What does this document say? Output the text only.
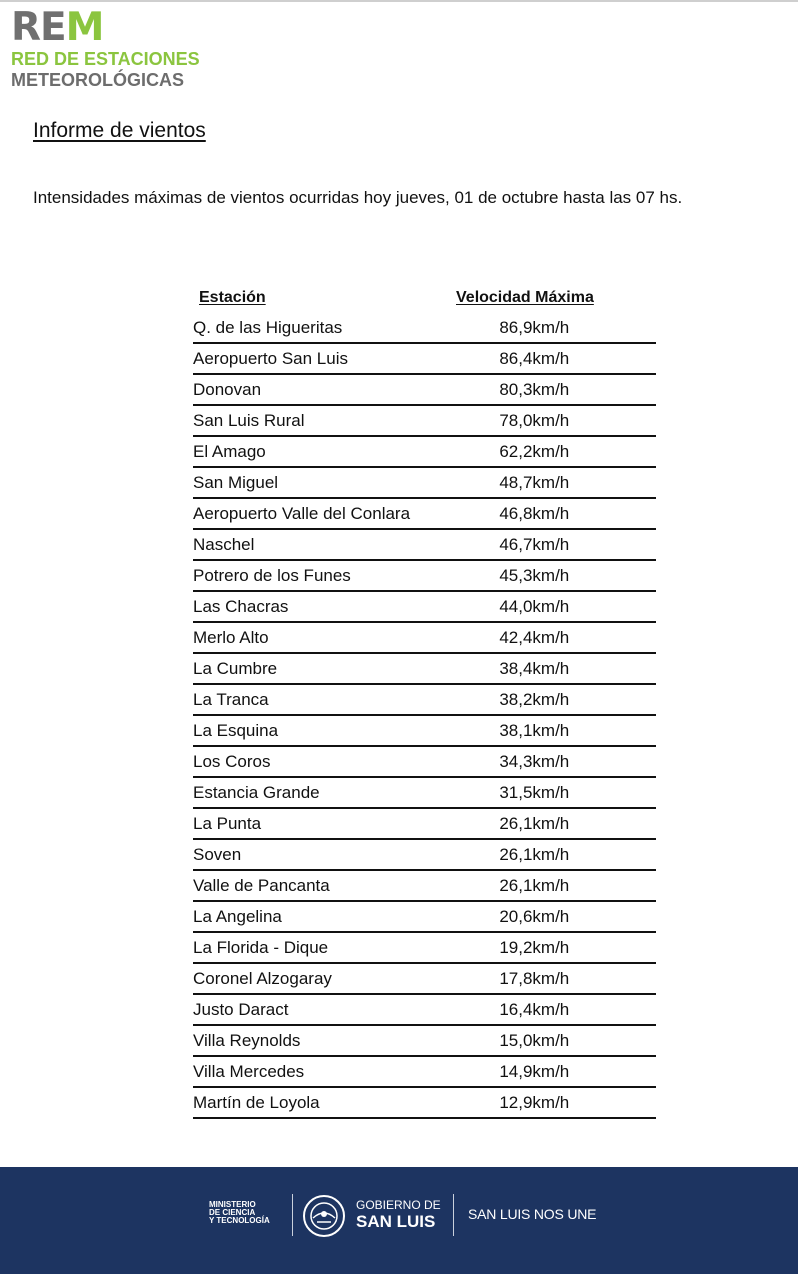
REM
RED DE ESTACIONES
METEOROLÓGICAS
Informe de vientos
Intensidades máximas de vientos ocurridas hoy jueves, 01 de octubre hasta las 07 hs.
Estación	Velocidad Máxima	
Q. de las Higueritas	86,9	km/h
Aeropuerto San Luis	86,4	km/h
Donovan	80,3	km/h
San Luis Rural	78,0	km/h
El Amago	62,2	km/h
San Miguel	48,7	km/h
Aeropuerto Valle del Conlara	46,8	km/h
Naschel	46,7	km/h
Potrero de los Funes	45,3	km/h
Las Chacras	44,0	km/h
Merlo Alto	42,4	km/h
La Cumbre	38,4	km/h
La Tranca	38,2	km/h
La Esquina	38,1	km/h
Los Coros	34,3	km/h
Estancia Grande	31,5	km/h
La Punta	26,1	km/h
Soven	26,1	km/h
Valle de Pancanta	26,1	km/h
La Angelina	20,6	km/h
La Florida - Dique	19,2	km/h
Coronel Alzogaray	17,8	km/h
Justo Daract	16,4	km/h
Villa Reynolds	15,0	km/h
Villa Mercedes	14,9	km/h
Martín de Loyola	12,9	km/h
MINISTERIO
DE CIENCIA
Y TECNOLOGÍA
GOBIERNO DE
SAN LUIS	SAN LUIS NOS UNE
